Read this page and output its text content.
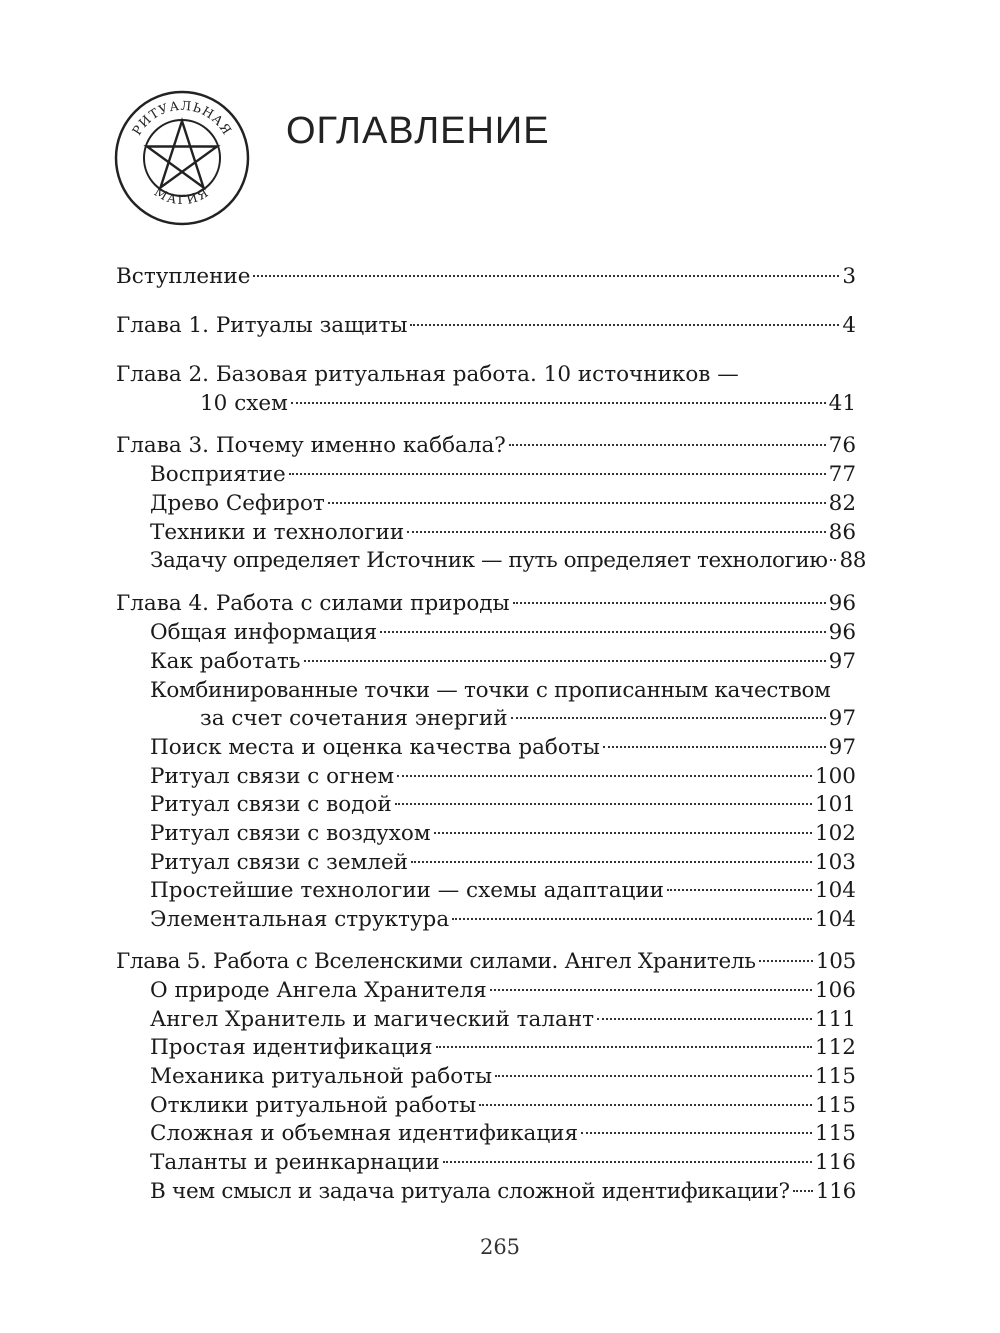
РИТУАЛЬНАЯ
МАГИЯ
ОГЛАВЛЕНИЕ
Вступление	3
Глава 1. Ритуалы защиты	4
Глава 2. Базовая ритуальная работа. 10 источников —
10 схем	41
Глава 3. Почему именно каббала?	76
Восприятие	77
Древо Сефирот	82
Техники и технологии	86
Задачу определяет Источник — путь определяет технологию 88
Глава 4. Работа с силами природы	96
Общая информация	96
Как работать	97
Комбинированные точки — точки с прописанным качеством
за счет сочетания энергий	97
Поиск места и оценка качества работы	97
Ритуал связи с огнем	100
Ритуал связи с водой	101
Ритуал связи с воздухом	102
Ритуал связи с землей	103
Простейшие технологии — схемы адаптации	104
Элементальная структура	104
Глава 5. Работа с Вселенскими силами. Ангел Хранитель	105
О природе Ангела Хранителя	106
Ангел Хранитель и магический талант	111
Простая идентификация	112
Механика ритуальной работы	115
Отклики ритуальной работы	115
Сложная и объемная идентификация	115
Таланты и реинкарнации	116
В чем смысл и задача ритуала сложной идентификации? 116
265
